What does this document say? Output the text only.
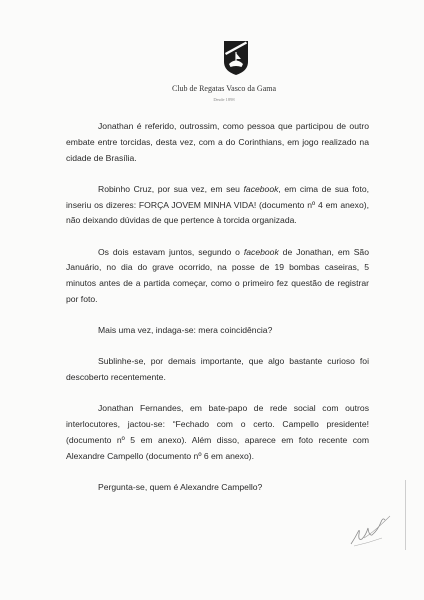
Club de Regatas Vasco da Gama
Desde 1898

Jonathan é referido, outrossim, como pessoa que participou de outro embate entre torcidas, desta vez, com a do Corinthians, em jogo realizado na cidade de Brasília.

Robinho Cruz, por sua vez, em seu facebook, em cima de sua foto, inseriu os dizeres: FORÇA JOVEM MINHA VIDA! (documento nº 4 em anexo), não deixando dúvidas de que pertence à torcida organizada.

Os dois estavam juntos, segundo o facebook de Jonathan, em São Januário, no dia do grave ocorrido, na posse de 19 bombas caseiras, 5 minutos antes de a partida começar, como o primeiro fez questão de registrar por foto.

Mais uma vez, indaga-se: mera coincidência?

Sublinhe-se, por demais importante, que algo bastante curioso foi descoberto recentemente.

Jonathan Fernandes, em bate-papo de rede social com outros interlocutores, jactou-se: “Fechado com o certo. Campello presidente! (documento nº 5 em anexo). Além disso, aparece em foto recente com Alexandre Campello (documento nº 6 em anexo).

Pergunta-se, quem é Alexandre Campello?
